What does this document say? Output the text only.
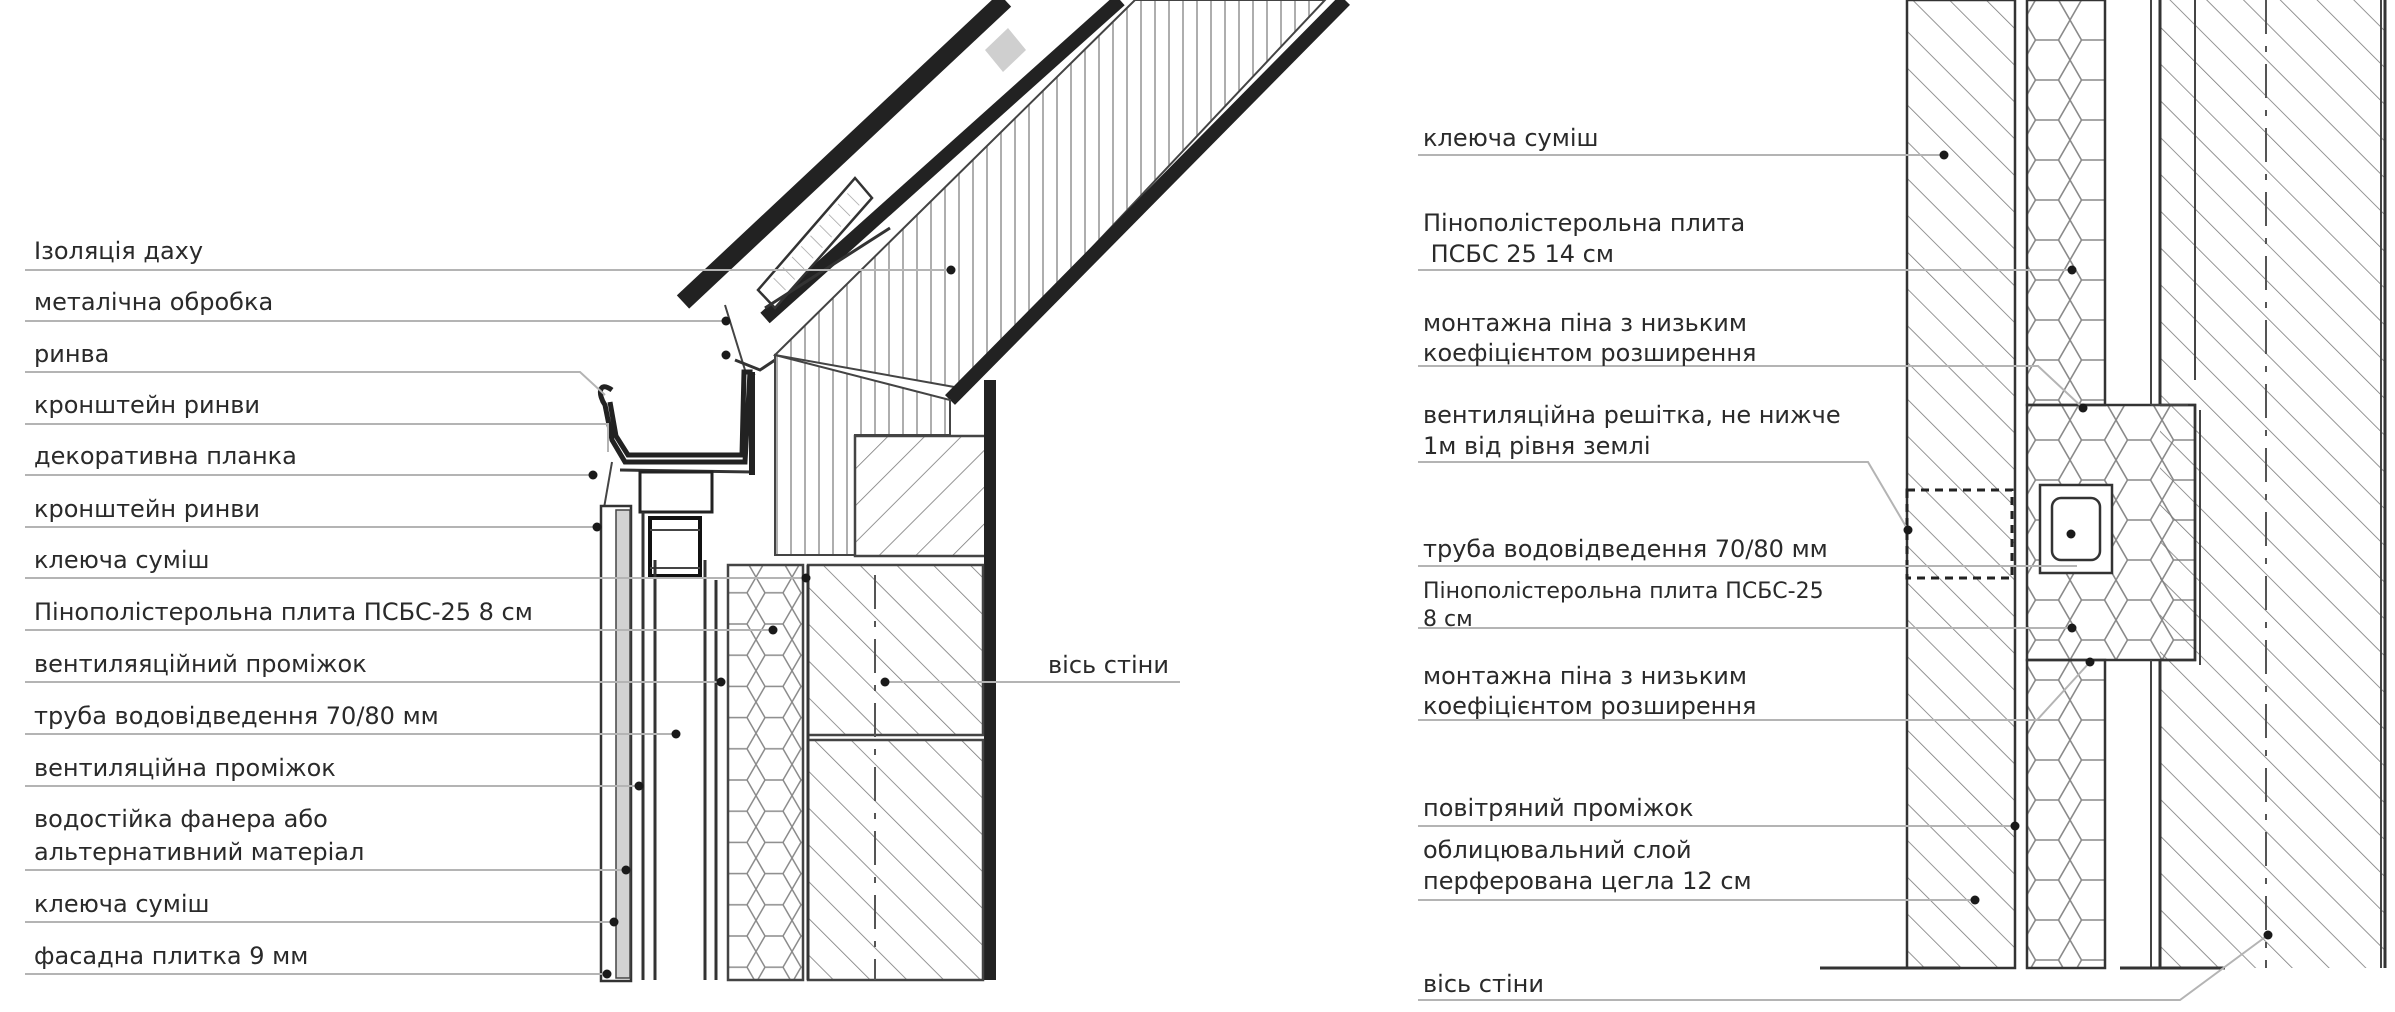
Ізоляція даху
металічна обробка
ринва
кронштейн ринви
декоративна планка
кронштейн ринви
клеюча суміш
Пінополістерольна плита ПСБС-25 8 см
вентиляяційний проміжок
труба водовідведення 70/80 мм
вентиляційна проміжок
водостійка фанера або
альтернативний матеріал
клеюча суміш
фасадна плитка 9 мм
вісь стіни
клеюча суміш
Пінополістерольна плита
ПСБС 25 14 см
монтажна піна з низьким
коефіцієнтом розширення
вентиляційна решітка, не нижче
1м від рівня землі
труба водовідведення 70/80 мм
Пінополістерольна плита ПСБС-25
8 см
монтажна піна з низьким
коефіцієнтом розширення
повітряний проміжок
облицювальний слой
перферована цегла 12 см
вісь стіни
